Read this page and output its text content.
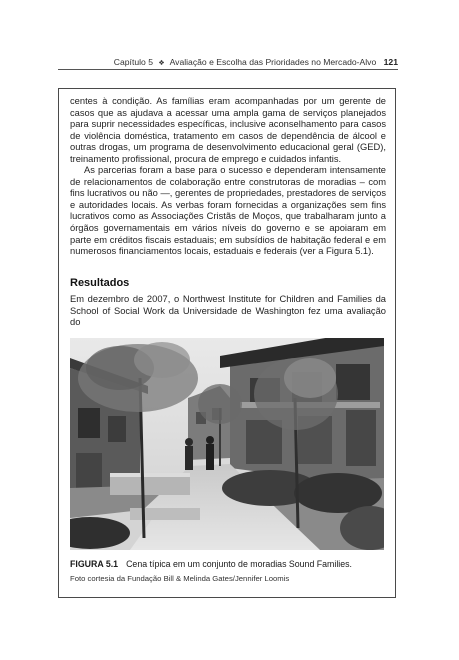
Capítulo 5 ❖ Avaliação e Escolha das Prioridades no Mercado-Alvo 121

centes à condição. As famílias eram acompanhadas por um gerente de casos que as ajudava a acessar uma ampla gama de serviços planejados para suprir necessidades específicas, inclusive aconselhamento para casos de violência doméstica, tratamento em casos de dependência de álcool e outras drogas, um programa de desenvolvimento educacional geral (GED), treinamento profissional, procura de emprego e cuidados infantis.

As parcerias foram a base para o sucesso e dependeram intensamente de relacionamentos de colaboração entre construtoras de moradias – com fins lucrativos ou não —, gerentes de propriedades, prestadores de serviços e autoridades locais. As verbas foram fornecidas a organizações sem fins lucrativos como as Associações Cristãs de Moços, que trabalharam junto a órgãos governamentais em vários níveis do governo e se apoiaram em parte em créditos fiscais estaduais; em subsídios de habitação federal e em numerosos financiamentos locais, estaduais e federais (ver a Figura 5.1).

Resultados
Em dezembro de 2007, o Northwest Institute for Children and Families da School of Social Work da Universidade de Washington fez uma avaliação do
FIGURA 5.1 Cena típica em um conjunto de moradias Sound Families.
Foto cortesia da Fundação Bill & Melinda Gates/Jennifer Loomis
